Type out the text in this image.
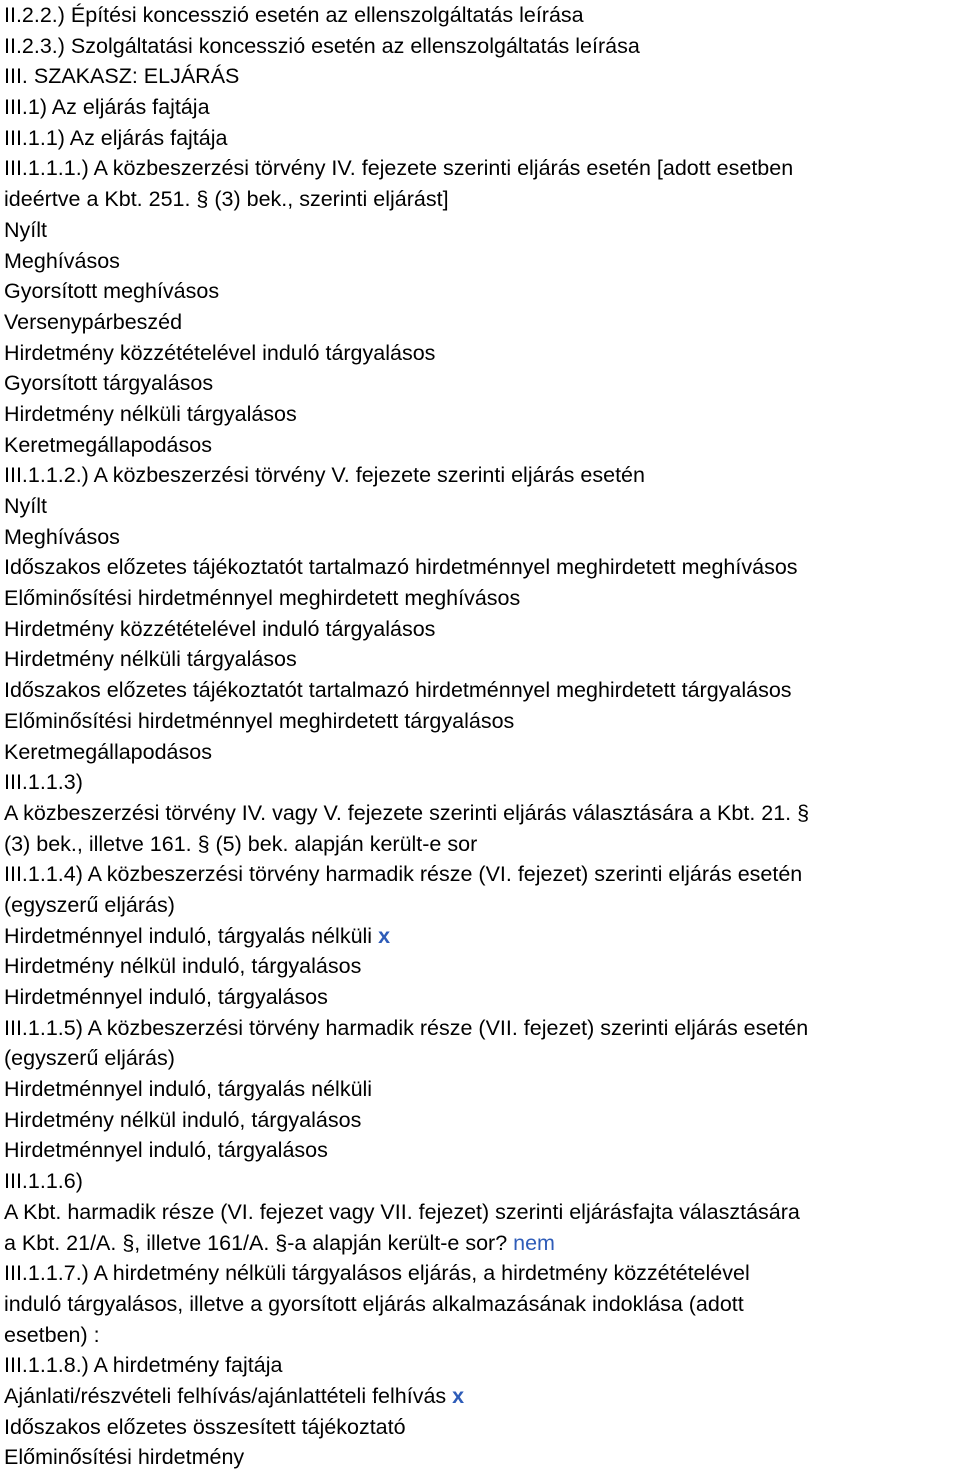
II.2.2.) Építési koncesszió esetén az ellenszolgáltatás leírása
II.2.3.) Szolgáltatási koncesszió esetén az ellenszolgáltatás leírása
III. SZAKASZ: ELJÁRÁS
III.1) Az eljárás fajtája
III.1.1) Az eljárás fajtája
III.1.1.1.) A közbeszerzési törvény IV. fejezete szerinti eljárás esetén [adott esetben
ideértve a Kbt. 251. § (3) bek., szerinti eljárást]
Nyílt
Meghívásos
Gyorsított meghívásos
Versenypárbeszéd
Hirdetmény közzétételével induló tárgyalásos
Gyorsított tárgyalásos
Hirdetmény nélküli tárgyalásos
Keretmegállapodásos
III.1.1.2.) A közbeszerzési törvény V. fejezete szerinti eljárás esetén
Nyílt
Meghívásos
Időszakos előzetes tájékoztatót tartalmazó hirdetménnyel meghirdetett meghívásos
Előminősítési hirdetménnyel meghirdetett meghívásos
Hirdetmény közzétételével induló tárgyalásos
Hirdetmény nélküli tárgyalásos
Időszakos előzetes tájékoztatót tartalmazó hirdetménnyel meghirdetett tárgyalásos
Előminősítési hirdetménnyel meghirdetett tárgyalásos
Keretmegállapodásos
III.1.1.3)
A közbeszerzési törvény IV. vagy V. fejezete szerinti eljárás választására a Kbt. 21. §
(3) bek., illetve 161. § (5) bek. alapján került-e sor
III.1.1.4) A közbeszerzési törvény harmadik része (VI. fejezet) szerinti eljárás esetén
(egyszerű eljárás)
Hirdetménnyel induló, tárgyalás nélküli x
Hirdetmény nélkül induló, tárgyalásos
Hirdetménnyel induló, tárgyalásos
III.1.1.5) A közbeszerzési törvény harmadik része (VII. fejezet) szerinti eljárás esetén
(egyszerű eljárás)
Hirdetménnyel induló, tárgyalás nélküli
Hirdetmény nélkül induló, tárgyalásos
Hirdetménnyel induló, tárgyalásos
III.1.1.6)
A Kbt. harmadik része (VI. fejezet vagy VII. fejezet) szerinti eljárásfajta választására
a Kbt. 21/A. §, illetve 161/A. §-a alapján került-e sor? nem
III.1.1.7.) A hirdetmény nélküli tárgyalásos eljárás, a hirdetmény közzétételével
induló tárgyalásos, illetve a gyorsított eljárás alkalmazásának indoklása (adott
esetben) :
III.1.1.8.) A hirdetmény fajtája
Ajánlati/részvételi felhívás/ajánlattételi felhívás x
Időszakos előzetes összesített tájékoztató
Előminősítési hirdetmény
